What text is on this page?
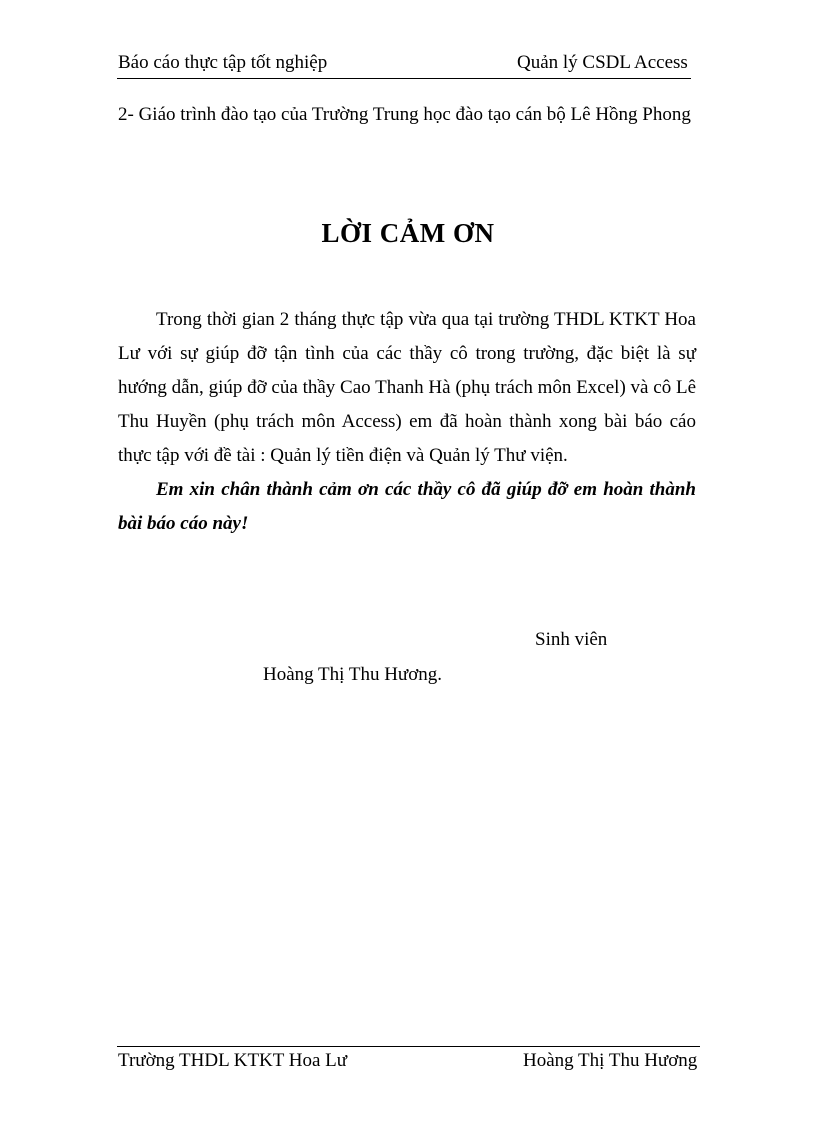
Báo cáo thực tập tốt nghiệp	Quản lý CSDL Access
2- Giáo trình đào tạo của Trường Trung học đào tạo cán bộ Lê Hồng Phong
LỜI CẢM ƠN

Trong thời gian 2 tháng thực tập vừa qua tại trường THDL KTKT Hoa Lư với sự giúp đỡ tận tình của các thầy cô trong trường, đặc biệt là sự hướng dẫn, giúp đỡ của thầy Cao Thanh Hà (phụ trách môn Excel) và cô Lê Thu Huyền (phụ trách môn Access) em đã hoàn thành xong bài báo cáo thực tập với đề tài : Quản lý tiền điện và Quản lý Thư viện.

Em xin chân thành cảm ơn các thầy cô đã giúp đỡ em hoàn thành bài báo cáo này!

Sinh viên
Hoàng Thị Thu Hương.
Trường THDL KTKT Hoa Lư	Hoàng Thị Thu Hương
